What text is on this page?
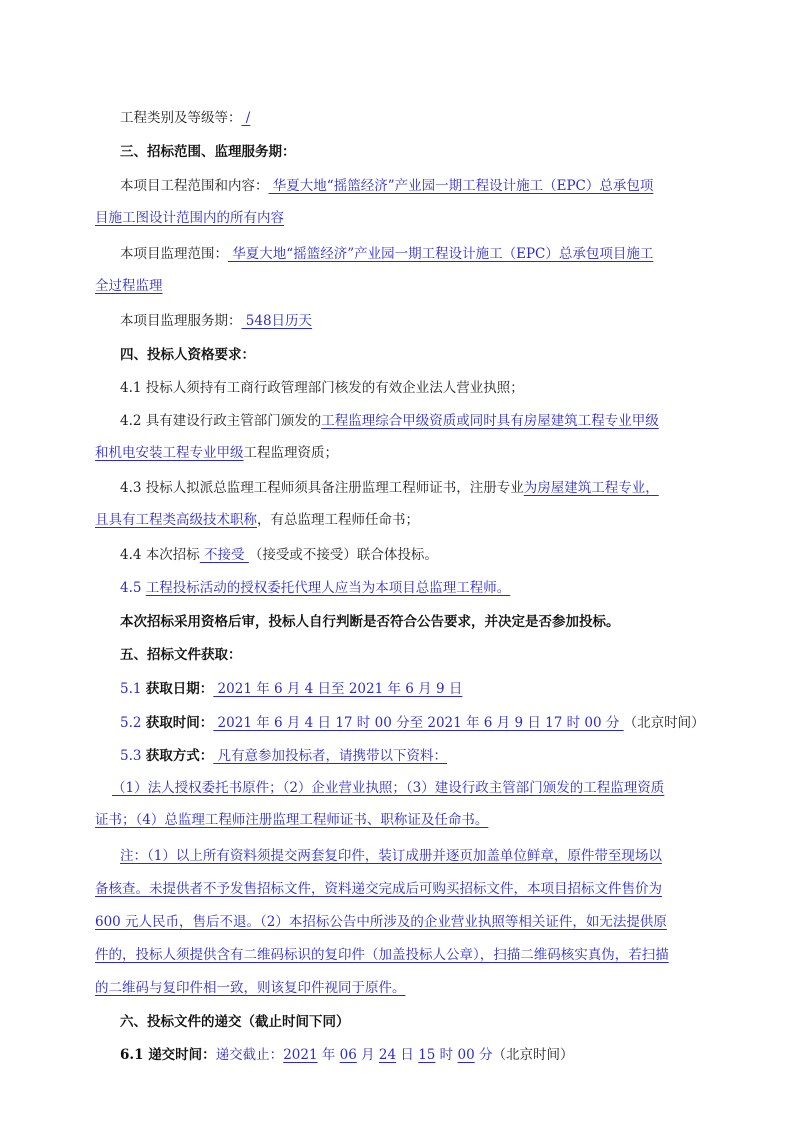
工程类别及等级等： /
三、招标范围、监理服务期：
本项目工程范围和内容： 华夏大地“摇篮经济”产业园一期工程设计施工（EPC）总承包项
目施工图设计范围内的所有内容
本项目监理范围： 华夏大地“摇篮经济”产业园一期工程设计施工（EPC）总承包项目施工
全过程监理
本项目监理服务期： 548日历天
四、投标人资格要求：
4.1 投标人须持有工商行政管理部门核发的有效企业法人营业执照；
4.2 具有建设行政主管部门颁发的工程监理综合甲级资质或同时具有房屋建筑工程专业甲级
和机电安装工程专业甲级工程监理资质；
4.3 投标人拟派总监理工程师须具备注册监理工程师证书，注册专业为房屋建筑工程专业，
且具有工程类高级技术职称，有总监理工程师任命书；
4.4 本次招标 不接受 （接受或不接受）联合体投标。
4.5 工程投标活动的授权委托代理人应当为本项目总监理工程师。
本次招标采用资格后审，投标人自行判断是否符合公告要求，并决定是否参加投标。
五、招标文件获取：
5.1 获取日期： 2021 年 6 月 4 日至 2021 年 6 月 9 日
5.2 获取时间： 2021 年 6 月 4 日 17 时 00 分至 2021 年 6 月 9 日 17 时 00 分 （北京时间）
5.3 获取方式： 凡有意参加投标者，请携带以下资料：
（1）法人授权委托书原件；（2）企业营业执照；（3）建设行政主管部门颁发的工程监理资质
证书；（4）总监理工程师注册监理工程师证书、职称证及任命书。
注：（1）以上所有资料须提交两套复印件，装订成册并逐页加盖单位鲜章，原件带至现场以
备核查。未提供者不予发售招标文件，资料递交完成后可购买招标文件，本项目招标文件售价为
600 元人民币，售后不退。（2）本招标公告中所涉及的企业营业执照等相关证件，如无法提供原
件的，投标人须提供含有二维码标识的复印件（加盖投标人公章），扫描二维码核实真伪，若扫描
的二维码与复印件相一致，则该复印件视同于原件。
六、投标文件的递交（截止时间下同）
6.1 递交时间：递交截止：2021 年 06 月 24 日 15 时 00 分（北京时间）
